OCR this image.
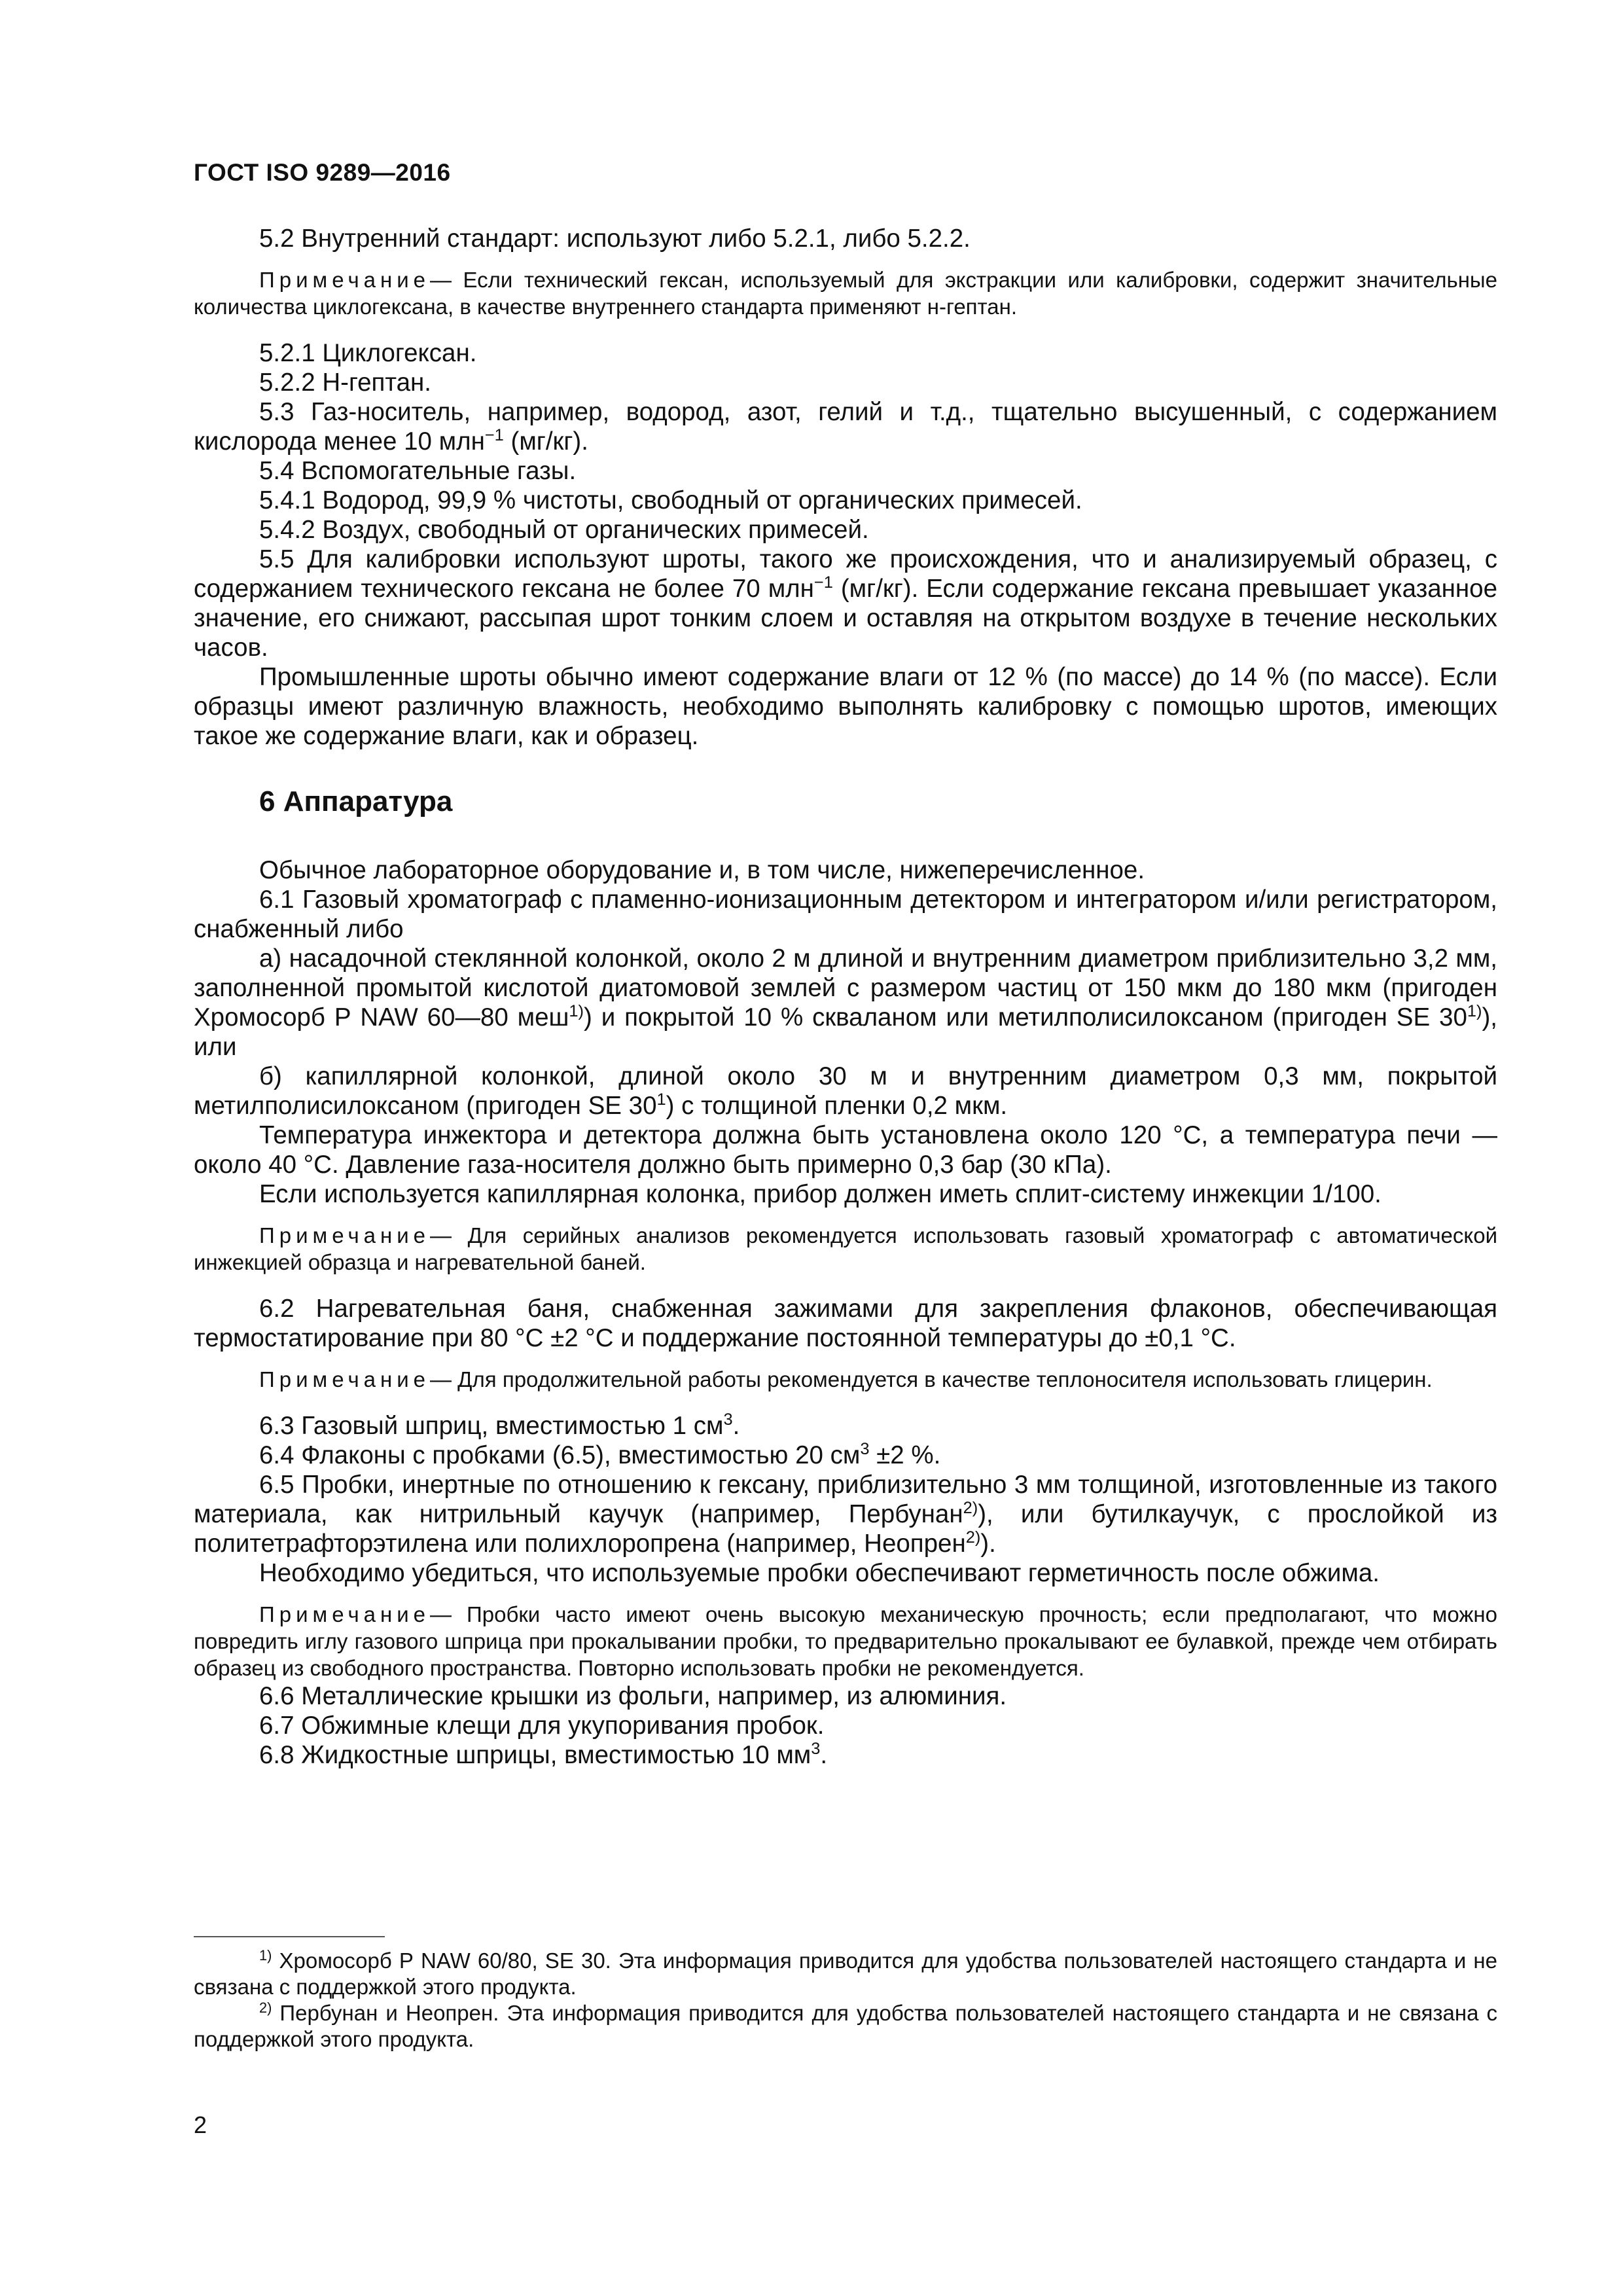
ГОСТ ISO 9289—2016

5.2 Внутренний стандарт: используют либо 5.2.1, либо 5.2.2.

Примечание— Если технический гексан, используемый для экстракции или калибровки, содержит значительные количества циклогексана, в качестве внутреннего стандарта применяют н-гептан.

5.2.1 Циклогексан.

5.2.2 Н-гептан.

5.3 Газ-носитель, например, водород, азот, гелий и т.д., тщательно высушенный, с содержанием кислорода менее 10 млн$^{-1}$ (мг/кг).

5.4 Вспомогательные газы.

5.4.1 Водород, 99,9 % чистоты, свободный от органических примесей.

5.4.2 Воздух, свободный от органических примесей.

5.5 Для калибровки используют шроты, такого же происхождения, что и анализируемый образец, с содержанием технического гексана не более 70 млн$^{-1}$ (мг/кг). Если содержание гексана превышает указанное значение, его снижают, рассыпая шрот тонким слоем и оставляя на открытом воздухе в течение нескольких часов.

Промышленные шроты обычно имеют содержание влаги от 12 % (по массе) до 14 % (по массе). Если образцы имеют различную влажность, необходимо выполнять калибровку с помощью шротов, имеющих такое же содержание влаги, как и образец.

6 Аппаратура

Обычное лабораторное оборудование и, в том числе, нижеперечисленное.

6.1 Газовый хроматограф с пламенно-ионизационным детектором и интегратором и/или регистратором, снабженный либо

а) насадочной стеклянной колонкой, около 2 м длиной и внутренним диаметром приблизительно 3,2 мм, заполненной промытой кислотой диатомовой землей с размером частиц от 150 мкм до 180 мкм (пригоден Хромосорб Р NAW 60—80 меш$^{1)}$) и покрытой 10 % скваланом или метилполисилоксаном (пригоден SE 30$^{1)}$), или

б) капиллярной колонкой, длиной около 30 м и внутренним диаметром 0,3 мм, покрытой метилполисилоксаном (пригоден SE $30^1$) с толщиной пленки 0,2 мкм.

Температура инжектора и детектора должна быть установлена около 120 °С, а температура печи — около 40 °С. Давление газа-носителя должно быть примерно 0,3 бар (30 кПа).

Если используется капиллярная колонка, прибор должен иметь сплит-систему инжекции 1/100.

Примечание— Для серийных анализов рекомендуется использовать газовый хроматограф с автоматической инжекцией образца и нагревательной баней.

6.2 Нагревательная баня, снабженная зажимами для закрепления флаконов, обеспечивающая термостатирование при 80 °С ±2 °С и поддержание постоянной температуры до ±0,1 °С.

Примечание— Для продолжительной работы рекомендуется в качестве теплоносителя использовать глицерин.

6.3 Газовый шприц, вместимостью 1 $см^3$.

6.4 Флаконы с пробками (6.5), вместимостью 20 $см^3 \pm 2$ %.

6.5 Пробки, инертные по отношению к гексану, приблизительно 3 мм толщиной, изготовленные из такого материала, как нитрильный каучук (например, Пербунан$^{2)}$), или бутилкаучук, с прослойкой из политетрафторэтилена или полихлоропрена (например, Неопрен$^{2)}$).

Необходимо убедиться, что используемые пробки обеспечивают герметичность после обжима.

Примечание— Пробки часто имеют очень высокую механическую прочность; если предполагают, что можно повредить иглу газового шприца при прокалывании пробки, то предварительно прокалывают ее булавкой, прежде чем отбирать образец из свободного пространства. Повторно использовать пробки не рекомендуется.

6.6 Металлические крышки из фольги, например, из алюминия.

6.7 Обжимные клещи для укупоривания пробок.

6.8 Жидкостные шприцы, вместимостью 10 $мм^3$.

$^{1)}$ Хромосорб Р NAW 60/80, SE 30. Эта информация приводится для удобства пользователей настоящего стандарта и не связана с поддержкой этого продукта.

$^{2)}$ Пербунан и Неопрен. Эта информация приводится для удобства пользователей настоящего стандарта и не связана с поддержкой этого продукта.

2
